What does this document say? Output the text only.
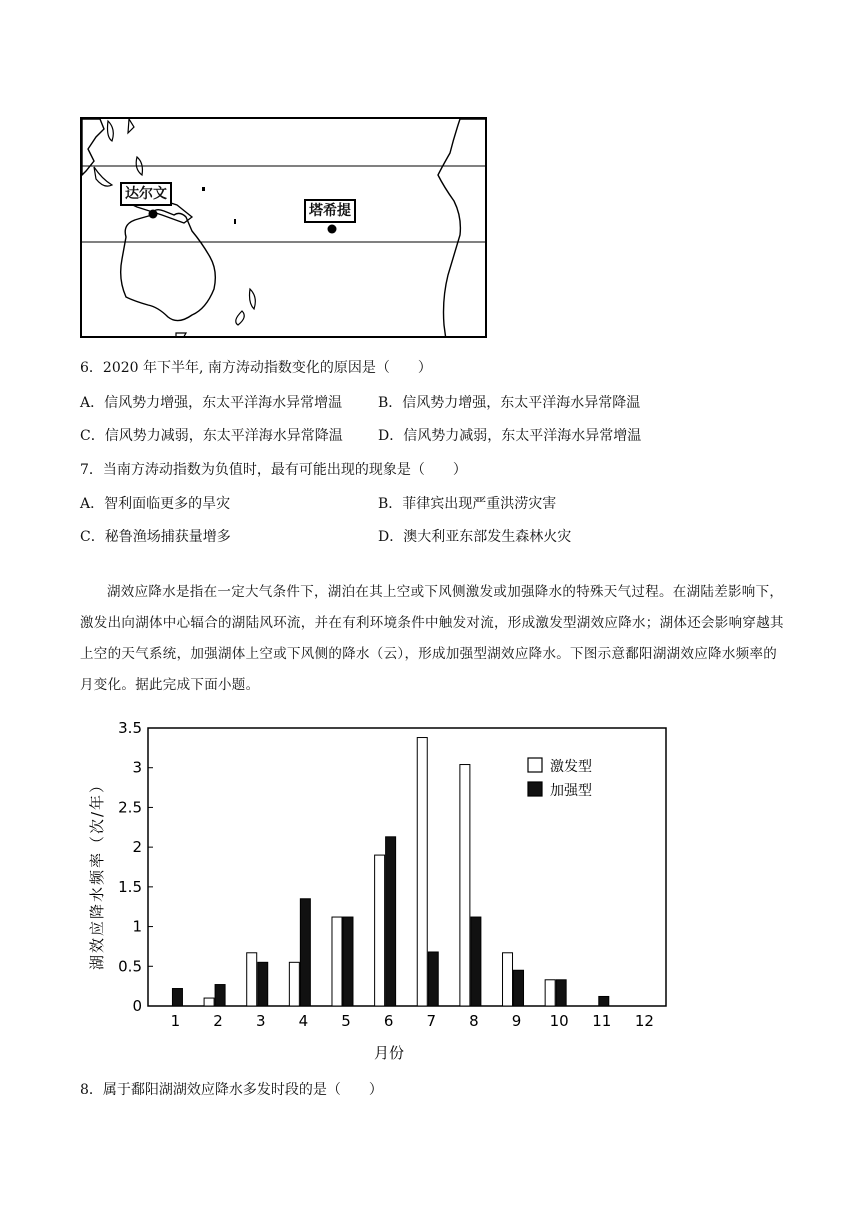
达尔文
塔希提
6．2020 年下半年, 南方涛动指数变化的原因是（　　）
A．信风势力增强，东太平洋海水异常增温	B．信风势力增强，东太平洋海水异常降温
C．信风势力减弱，东太平洋海水异常降温	D．信风势力减弱，东太平洋海水异常增温
7．当南方涛动指数为负值时，最有可能出现的现象是（　　）
A．智利面临更多的旱灾	B．菲律宾出现严重洪涝灾害
C．秘鲁渔场捕获量增多	D．澳大利亚东部发生森林火灾
湖效应降水是指在一定大气条件下，湖泊在其上空或下风侧激发或加强降水的特殊天气过程。在湖陆差影响下，激发出向湖体中心辐合的湖陆风环流，并在有利环境条件中触发对流，形成激发型湖效应降水；湖体还会影响穿越其上空的天气系统，加强湖体上空或下风侧的降水（云），形成加强型湖效应降水。下图示意鄱阳湖湖效应降水频率的月变化。据此完成下面小题。
0
0.5
1
1.5
2
2.5
3
3.5
1 2 3 4 5 6 7 8 9 10 11 12
月份
湖效应降水频率（次/年）
激发型
加强型
8．属于鄱阳湖湖效应降水多发时段的是（　　）
